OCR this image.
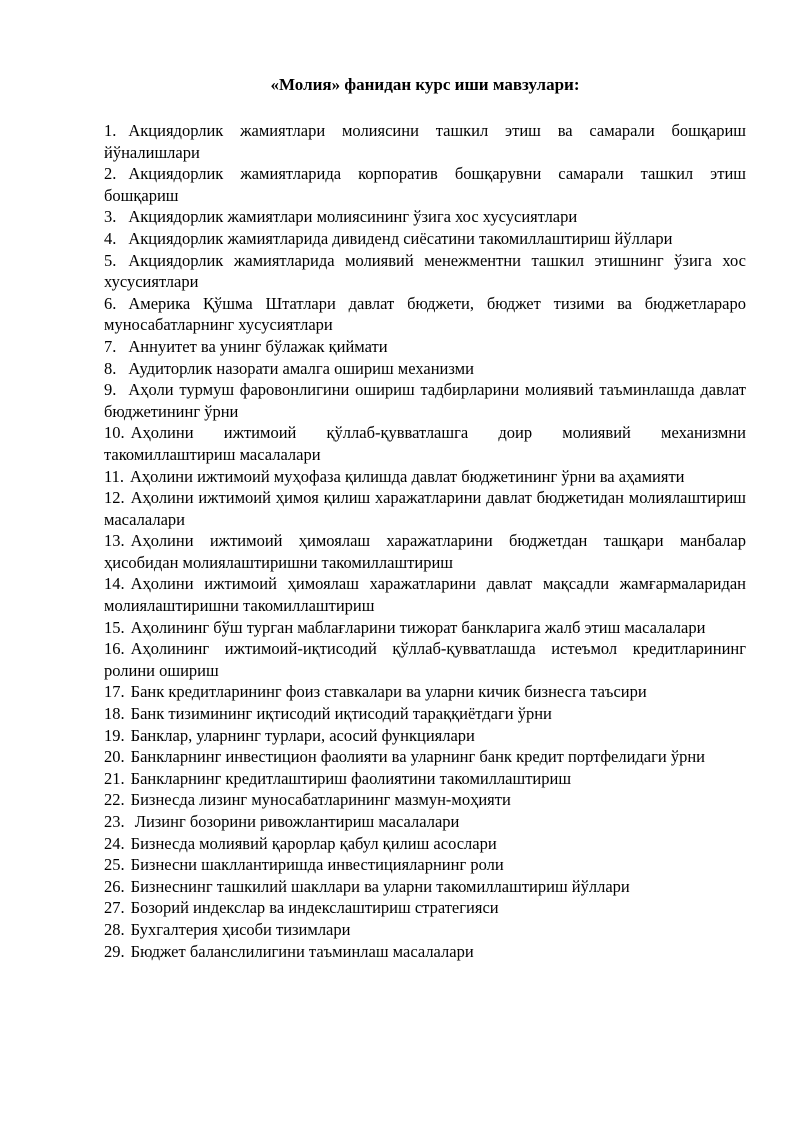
«Молия» фанидан курс иши мавзулари:
1. Акциядорлик жамиятлари молиясини ташкил этиш ва самарали бошқариш йўналишлари
2. Акциядорлик жамиятларида корпоратив бошқарувни самарали ташкил этиш бошқариш
3. Акциядорлик жамиятлари молиясининг ўзига хос хусусиятлари
4. Акциядорлик жамиятларида дивиденд сиёсатини такомиллаштириш йўллари
5. Акциядорлик жамиятларида молиявий менежментни ташкил этишнинг ўзига хос хусусиятлари
6. Америка Қўшма Штатлари давлат бюджети, бюджет тизими ва бюджетлараро муносабатларнинг хусусиятлари
7. Аннуитет ва унинг бўлажак қиймати
8. Аудиторлик назорати амалга ошириш механизми
9. Аҳоли турмуш фаровонлигини ошириш тадбирларини молиявий таъминлашда давлат бюджетининг ўрни
10. Аҳолини ижтимоий қўллаб-қувватлашга доир молиявий механизмни такомиллаштириш масалалари
11. Аҳолини ижтимоий муҳофаза қилишда давлат бюджетининг ўрни ва аҳамияти
12. Аҳолини ижтимоий ҳимоя қилиш харажатларини давлат бюджетидан молиялаштириш масалалари
13. Аҳолини ижтимоий ҳимоялаш харажатларини бюджетдан ташқари манбалар ҳисобидан молиялаштиришни такомиллаштириш
14. Аҳолини ижтимоий ҳимоялаш харажатларини давлат мақсадли жамғармаларидан молиялаштиришни такомиллаштириш
15. Аҳолининг бўш турган маблағларини тижорат банкларига жалб этиш масалалари
16. Аҳолининг ижтимоий-иқтисодий қўллаб-қувватлашда истеъмол кредитларининг ролини ошириш
17. Банк кредитларининг фоиз ставкалари ва уларни кичик бизнесга таъсири
18. Банк тизимининг иқтисодий иқтисодий тараққиётдаги ўрни
19. Банклар, уларнинг турлари, асосий функциялари
20. Банкларнинг инвестицион фаолияти ва уларнинг банк кредит портфелидаги ўрни
21. Банкларнинг кредитлаштириш фаолиятини такомиллаштириш
22. Бизнесда лизинг муносабатларининг мазмун-моҳияти
23. Лизинг бозорини ривожлантириш масалалари
24. Бизнесда молиявий қарорлар қабул қилиш асослари
25. Бизнесни шакллантиришда инвестицияларнинг роли
26. Бизнеснинг ташкилий шакллари ва уларни такомиллаштириш йўллари
27. Бозорий индекслар ва индекслаштириш стратегияси
28. Бухгалтерия ҳисоби тизимлари
29. Бюджет баланслилигини таъминлаш масалалари
